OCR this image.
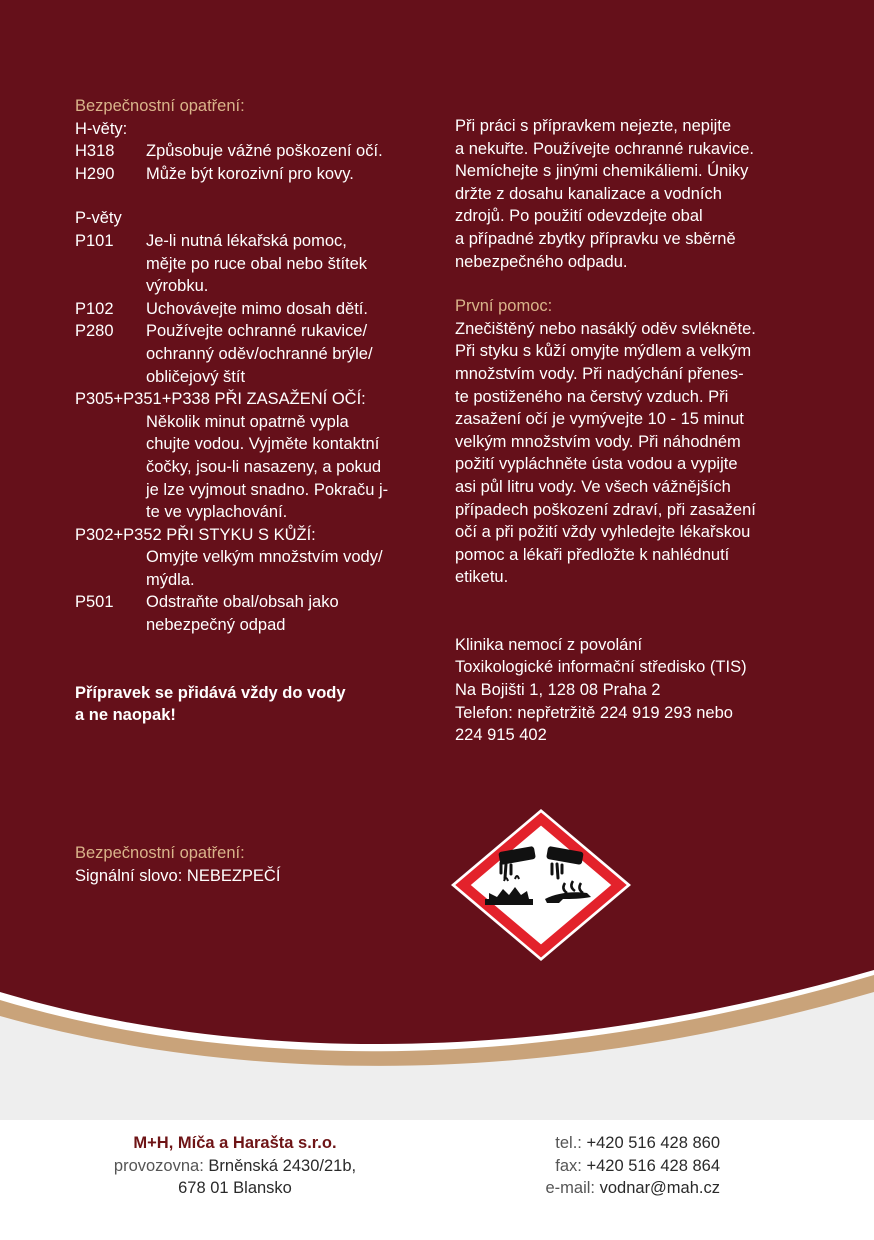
Bezpečnostní opatření:
H-věty:
H318	Způsobuje vážné poškození očí.
H290	Může být korozivní pro kovy.
P-věty
P101	Je-li nutná lékařská pomoc,
mějte po ruce obal nebo štítek
výrobku.
P102	Uchovávejte mimo dosah dětí.
P280	Používejte ochranné rukavice/
ochranný oděv/ochranné brýle/
obličejový štít
P305+P351+P338 PŘI ZASAŽENÍ OČÍ:
Několik minut opatrně vypla
chujte vodou. Vyjměte kontaktní
čočky, jsou-li nasazeny, a pokud
je lze vyjmout snadno. Pokraču j-
te ve vyplachování.
P302+P352 PŘI STYKU S KŮŽÍ:
Omyjte velkým množstvím vody/
mýdla.
P501	Odstraňte obal/obsah jako
nebezpečný odpad
Přípravek se přidává vždy do vody
a ne naopak!
Při práci s přípravkem nejezte, nepijte
a nekuřte. Používejte ochranné rukavice.
Nemíchejte s jinými chemikáliemi. Úniky
držte z dosahu kanalizace a vodních
zdrojů. Po použití odevzdejte obal
a případné zbytky přípravku ve sběrně
nebezpečného odpadu.
První pomoc:
Znečištěný nebo nasáklý oděv svlékněte.
Při styku s kůží omyjte mýdlem a velkým
množstvím vody. Při nadýchání přenes-
te postiženého na čerstvý vzduch. Při
zasažení očí je vymývejte 10 - 15 minut
velkým množstvím vody. Při náhodném
požití vypláchněte ústa vodou a vypijte
asi půl litru vody. Ve všech vážnějších
případech poškození zdraví, při zasažení
očí a při požití vždy vyhledejte lékařskou
pomoc a lékaři předložte k nahlédnutí
etiketu.
Klinika nemocí z povolání
Toxikologické informační středisko (TIS)
Na Bojišti 1, 128 08 Praha 2
Telefon: nepřetržitě 224 919 293 nebo
224 915 402
Bezpečnostní opatření:
Signální slovo: NEBEZPEČÍ
M+H, Míča a Harašta s.r.o.
provozovna: Brněnská 2430/21b,
678 01 Blansko
tel.: +420 516 428 860
fax: +420 516 428 864
e-mail: vodnar@mah.cz
